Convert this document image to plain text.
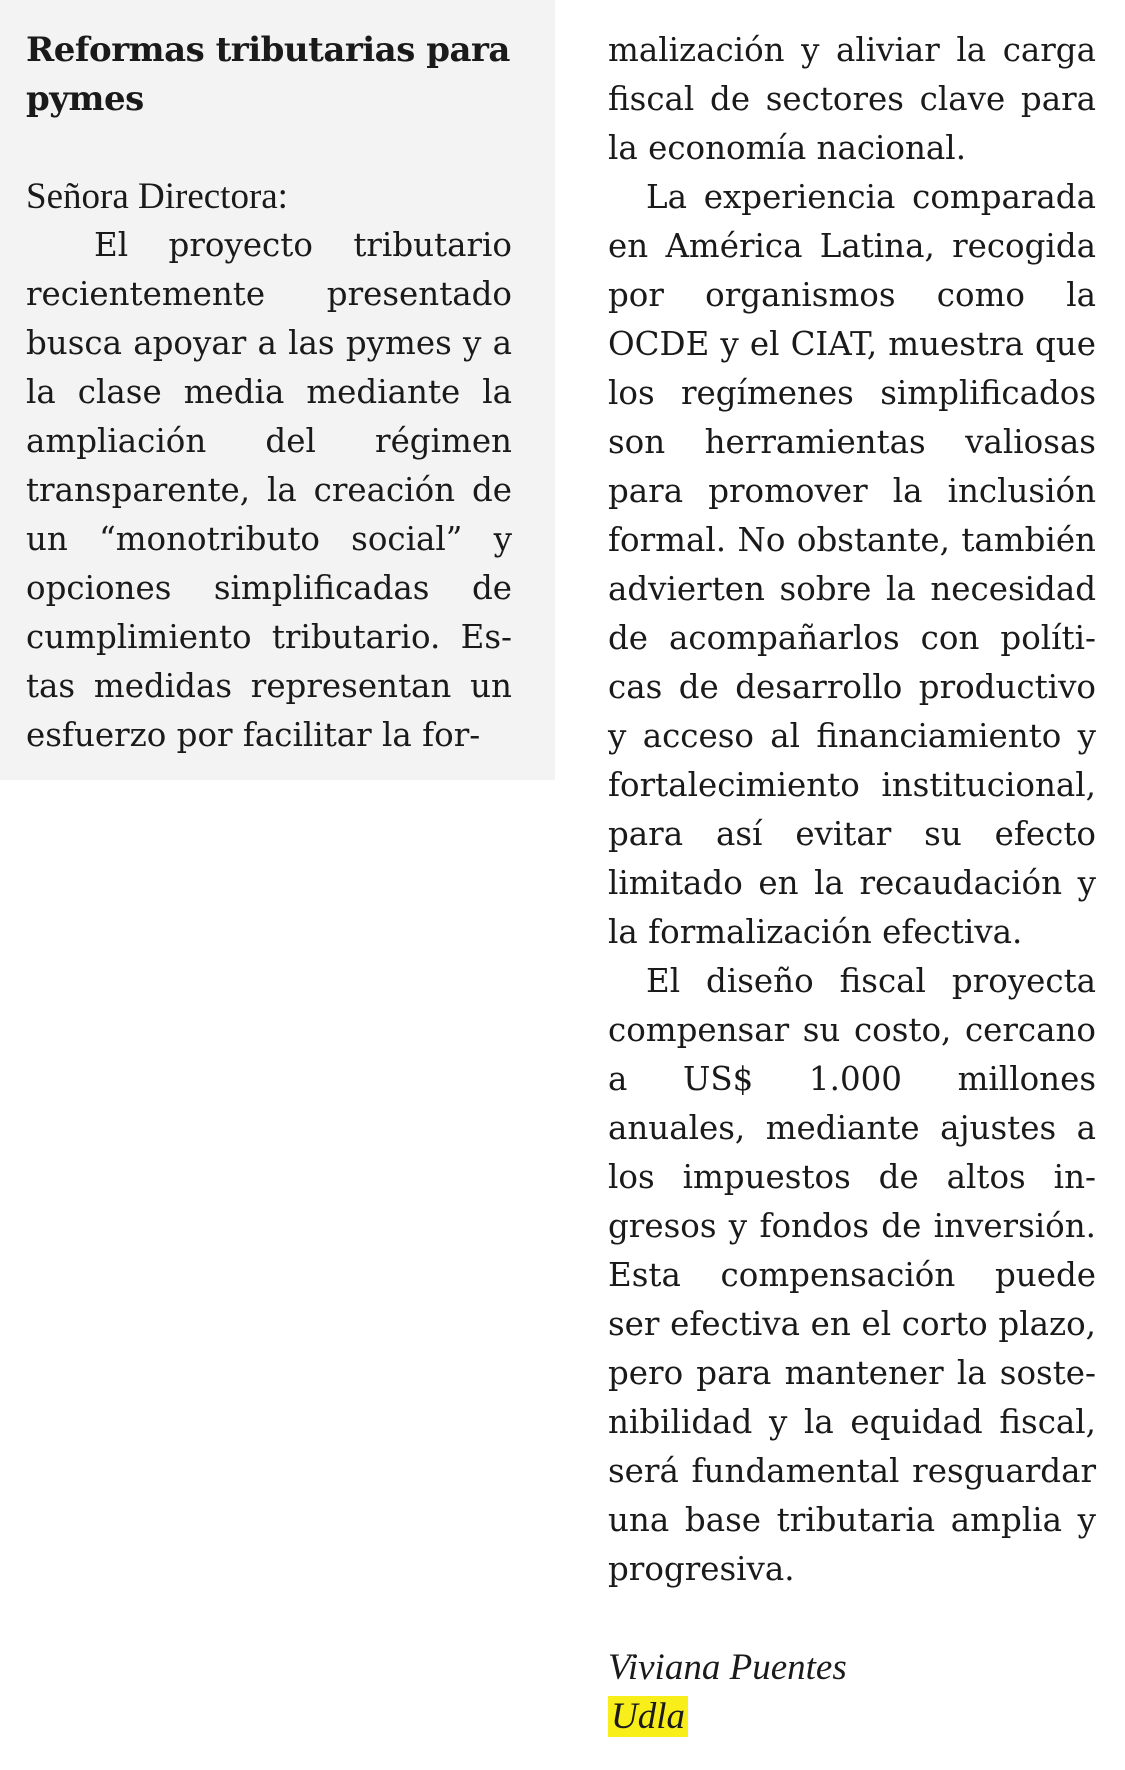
Reformas tributarias para pymes

Señora Directora:

El proyecto tributario recientemente presentado busca apoyar a las pymes y a la clase media mediante la ampliación del régimen transparente, la creación de un “monotributo social” y opciones simplificadas de cumplimiento tributario. Estas medidas representan un esfuerzo por facilitar la for-

malización y aliviar la carga fiscal de sectores clave para la economía nacional.

La experiencia comparada en América Latina, recogida por organismos como la OCDE y el CIAT, muestra que los regímenes simplificados son herramientas valiosas para promover la inclusión formal. No obstante, también advierten sobre la necesidad de acompañarlos con políticas de desarrollo productivo y acceso al financiamiento y fortalecimiento institucional, para así evitar su efecto limitado en la recaudación y la formalización efectiva.

El diseño fiscal proyecta compensar su costo, cercano a US$ 1.000 millones anuales, mediante ajustes a los impuestos de altos ingresos y fondos de inversión. Esta compensación puede ser efectiva en el corto plazo, pero para mantener la sostenibilidad y la equidad fiscal, será fundamental resguardar una base tributaria amplia y progresiva.

Viviana Puentes
Udla
